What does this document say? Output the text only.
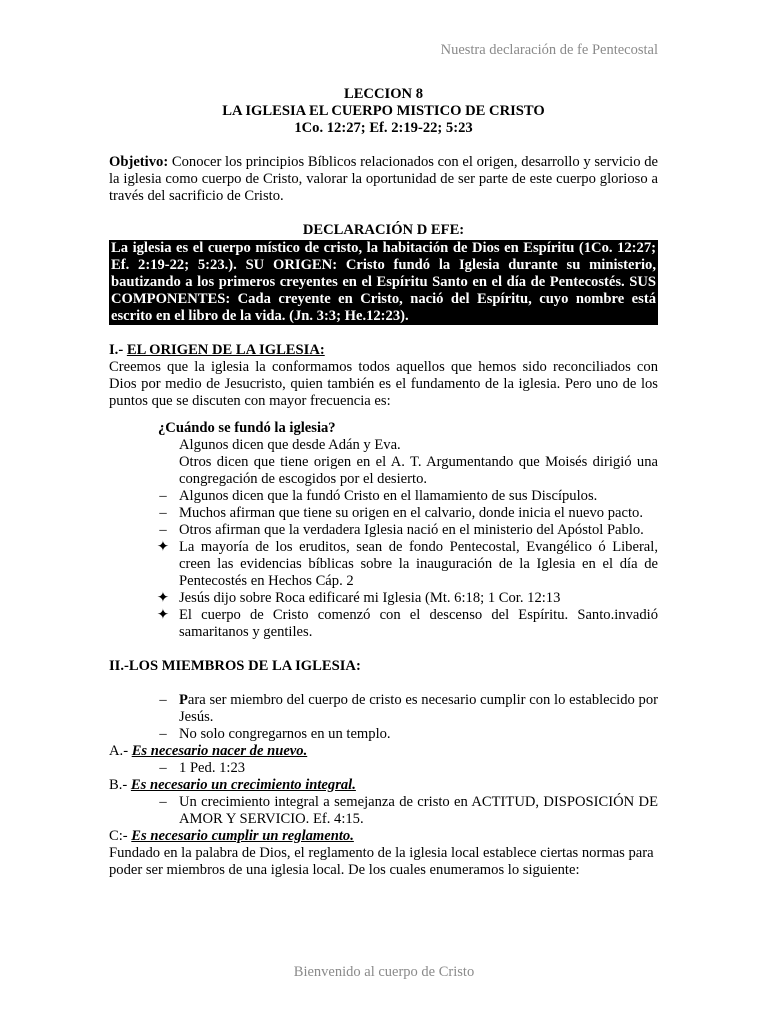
Nuestra declaración de fe Pentecostal
LECCION 8
LA IGLESIA EL CUERPO MISTICO DE CRISTO
1Co. 12:27; Ef. 2:19-22; 5:23
Objetivo: Conocer los principios Bíblicos relacionados con el origen, desarrollo y servicio de la iglesia como cuerpo de Cristo, valorar la oportunidad de ser parte de este cuerpo glorioso a través del sacrificio de Cristo.
DECLARACIÓN D EFE:
La iglesia es el cuerpo místico de cristo, la habitación de Dios en Espíritu (1Co. 12:27; Ef. 2:19-22; 5:23.). SU ORIGEN: Cristo fundó la Iglesia durante su ministerio, bautizando a los primeros creyentes en el Espíritu Santo en el día de Pentecostés. SUS COMPONENTES: Cada creyente en Cristo, nació del Espíritu, cuyo nombre está escrito en el libro de la vida. (Jn. 3:3; He.12:23).
I.- EL ORIGEN DE LA IGLESIA:
Creemos que la iglesia la conformamos todos aquellos que hemos sido reconciliados con Dios por medio de Jesucristo, quien también es el fundamento de la iglesia. Pero uno de los puntos que se discuten con mayor frecuencia es:
¿Cuándo se fundó la iglesia?
Algunos dicen que desde Adán y Eva.
Otros dicen que tiene origen en el A. T. Argumentando que Moisés dirigió una congregación de escogidos por el desierto.
– Algunos dicen que la fundó Cristo en el llamamiento de sus Discípulos.
– Muchos afirman que tiene su origen en el calvario, donde inicia el nuevo pacto.
– Otros afirman que la verdadera Iglesia nació en el ministerio del Apóstol Pablo.
✦ La mayoría de los eruditos, sean de fondo Pentecostal, Evangélico ó Liberal, creen las evidencias bíblicas sobre la inauguración de la Iglesia en el día de Pentecostés en Hechos Cáp. 2
✦ Jesús dijo sobre Roca edificaré mi Iglesia (Mt. 6:18; 1 Cor. 12:13
✦ El cuerpo de Cristo comenzó con el descenso del Espíritu. Santo.invadió samaritanos y gentiles.
II.-LOS MIEMBROS DE LA IGLESIA:
– Para ser miembro del cuerpo de cristo es necesario cumplir con lo establecido por Jesús.
– No solo congregarnos en un templo.
A.- Es necesario nacer de nuevo.
– 1 Ped. 1:23
B.- Es necesario un crecimiento integral.
– Un crecimiento integral a semejanza de cristo en ACTITUD, DISPOSICIÓN DE AMOR Y SERVICIO. Ef. 4:15.
C:- Es necesario cumplir un reglamento.
Fundado en la palabra de Dios, el reglamento de la iglesia local establece ciertas normas para poder ser miembros de una iglesia local. De los cuales enumeramos lo siguiente:
Bienvenido al cuerpo de Cristo
